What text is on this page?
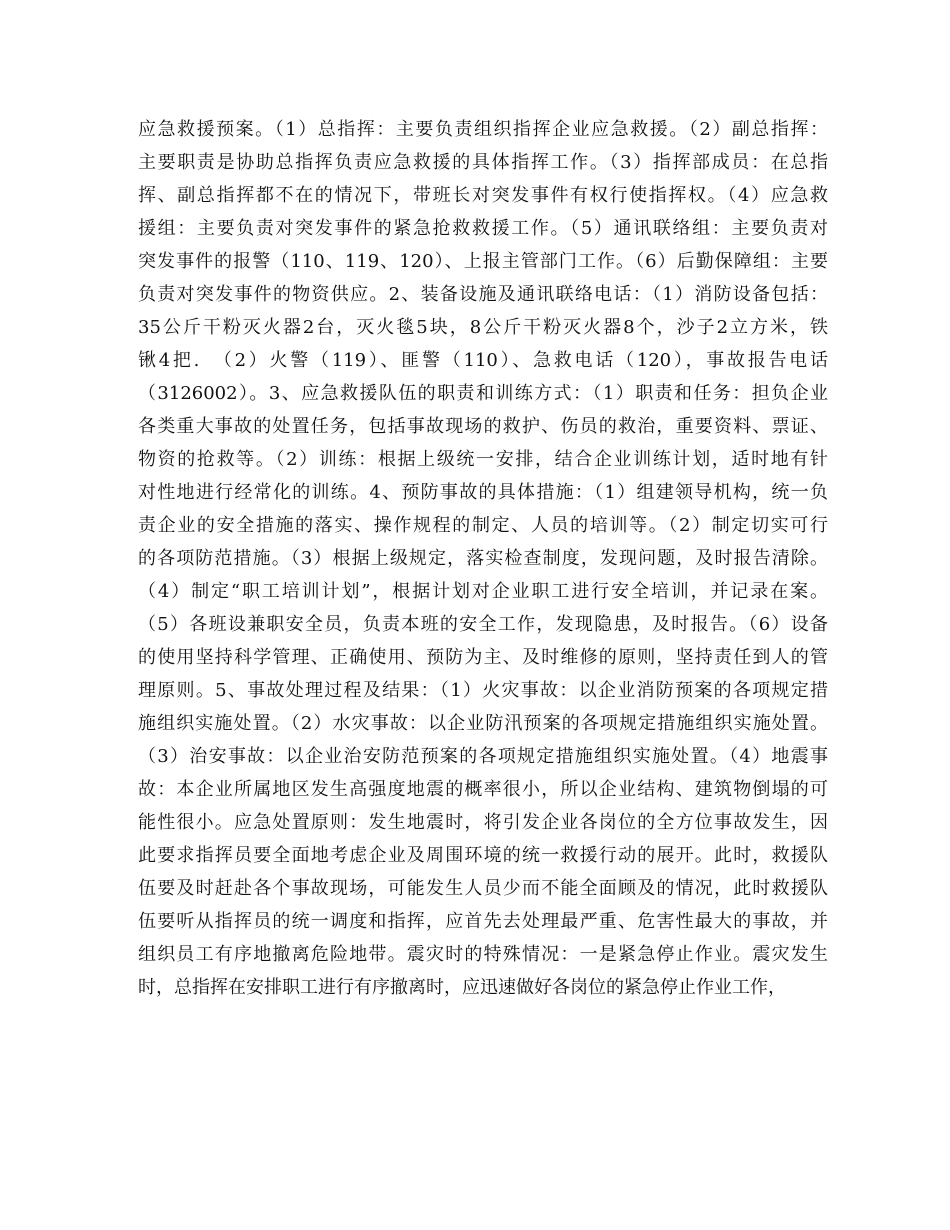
应急救援预案。（1）总指挥：主要负责组织指挥企业应急救援。（2）副总指挥：
主要职责是协助总指挥负责应急救援的具体指挥工作。（3）指挥部成员：在总指
挥、副总指挥都不在的情况下，带班长对突发事件有权行使指挥权。（4）应急救
援组：主要负责对突发事件的紧急抢救救援工作。（5）通讯联络组：主要负责对
突发事件的报警（110、119、120）、上报主管部门工作。（6）后勤保障组：主要
负责对突发事件的物资供应。2、装备设施及通讯联络电话：（1）消防设备包括：
35公斤干粉灭火器2台，灭火毯5块，8公斤干粉灭火器8个，沙子2立方米，铁
锹4把.　（2）火警（119）、匪警（110）、急救电话（120），事故报告电话
（3126002）。3、应急救援队伍的职责和训练方式：（1）职责和任务：担负企业
各类重大事故的处置任务，包括事故现场的救护、伤员的救治，重要资料、票证、
物资的抢救等。（2）训练：根据上级统一安排，结合企业训练计划，适时地有针
对性地进行经常化的训练。4、预防事故的具体措施：（1）组建领导机构，统一负
责企业的安全措施的落实、操作规程的制定、人员的培训等。（2）制定切实可行
的各项防范措施。（3）根据上级规定，落实检查制度，发现问题，及时报告清除。
（4）制定“职工培训计划”，根据计划对企业职工进行安全培训，并记录在案。
（5）各班设兼职安全员，负责本班的安全工作，发现隐患，及时报告。（6）设备
的使用坚持科学管理、正确使用、预防为主、及时维修的原则，坚持责任到人的管
理原则。5、事故处理过程及结果：（1）火灾事故：以企业消防预案的各项规定措
施组织实施处置。（2）水灾事故：以企业防汛预案的各项规定措施组织实施处置。
（3）治安事故：以企业治安防范预案的各项规定措施组织实施处置。（4）地震事
故：本企业所属地区发生高强度地震的概率很小，所以企业结构、建筑物倒塌的可
能性很小。应急处置原则：发生地震时，将引发企业各岗位的全方位事故发生，因
此要求指挥员要全面地考虑企业及周围环境的统一救援行动的展开。此时，救援队
伍要及时赶赴各个事故现场，可能发生人员少而不能全面顾及的情况，此时救援队
伍要听从指挥员的统一调度和指挥，应首先去处理最严重、危害性最大的事故，并
组织员工有序地撤离危险地带。震灾时的特殊情况：一是紧急停止作业。震灾发生
时，总指挥在安排职工进行有序撤离时，应迅速做好各岗位的紧急停止作业工作，
